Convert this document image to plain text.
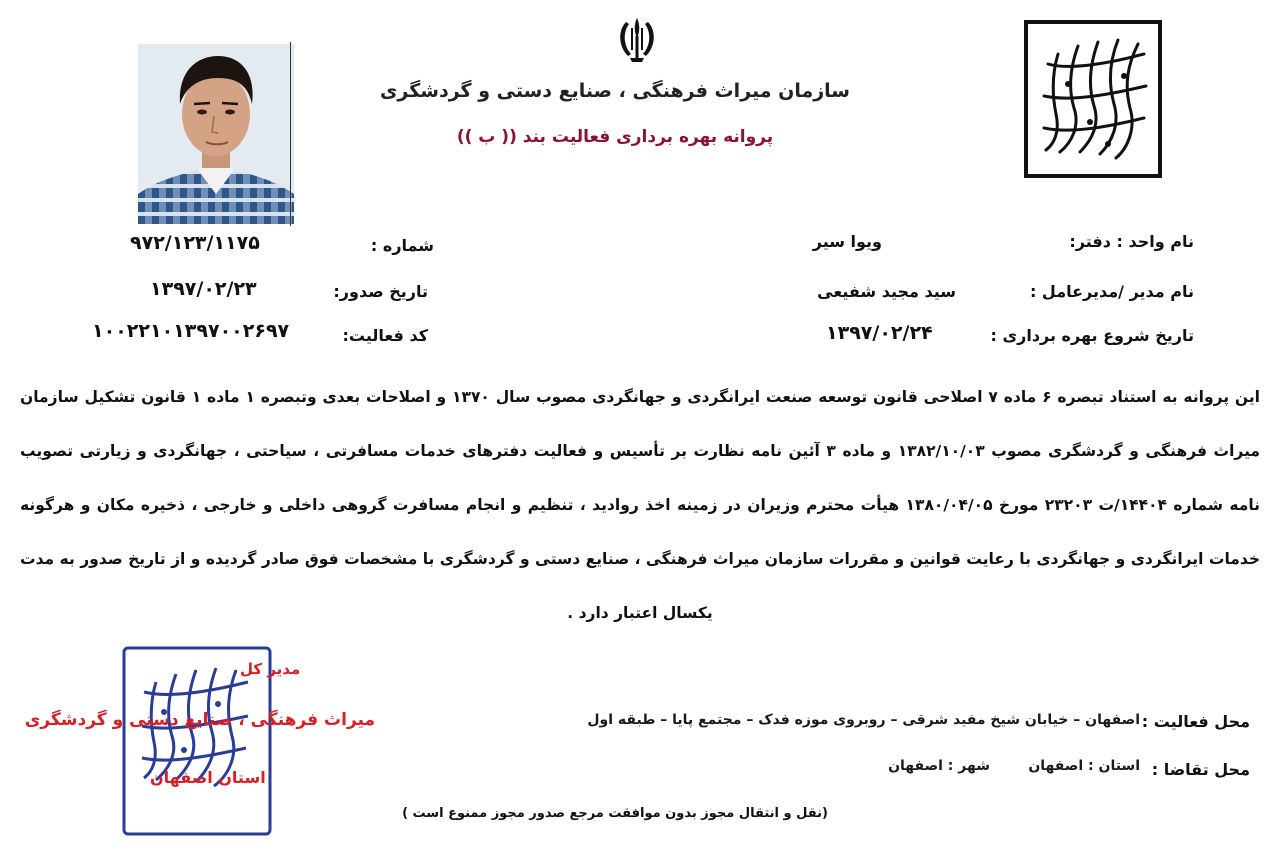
سازمان میراث فرهنگی ، صنایع دستی و گردشگری
پروانه بهره برداری فعالیت بند (( ب ))
نام واحد : دفتر:
ویوا سیر
نام مدیر /مدیرعامل :
سید مجید شفیعی
تاریخ شروع بهره برداری :
۱۳۹۷/۰۲/۲۴
شماره :
۹۷۲/۱۲۳/۱۱۷۵
تاریخ صدور:
۱۳۹۷/۰۲/۲۳
کد فعالیت:
۱۰۰۲۲۱۰۱۳۹۷۰۰۲۶۹۷
این پروانه به استناد تبصره ۶ ماده ۷ اصلاحی قانون توسعه صنعت ایرانگردی و جهانگردی مصوب سال ۱۳۷۰ و اصلاحات بعدی وتبصره ۱ ماده ۱ قانون تشکیل سازمان میراث فرهنگی و گردشگری مصوب ۱۳۸۲/۱۰/۰۳ و ماده ۳ آئین نامه نظارت بر تأسیس و فعالیت دفترهای خدمات مسافرتی ، سیاحتی ، جهانگردی و زیارتی تصویب نامه شماره ۱۴۴۰۴/ت ۲۳۲۰۳ مورخ ۱۳۸۰/۰۴/۰۵ هیأت محترم وزیران در زمینه اخذ روادید ، تنظیم و انجام مسافرت گروهی داخلی و خارجی ، ذخیره مکان و هرگونه خدمات ایرانگردی و جهانگردی با رعایت قوانین و مقررات سازمان میراث فرهنگی ، صنایع دستی و گردشگری با مشخصات فوق صادر گردیده و از تاریخ صدور به مدت یکسال اعتبار دارد .
محل فعالیت :
اصفهان – خیابان شیخ مفید شرقی – روبروی موزه فدک – مجتمع پایا – طبقه اول
محل تقاضا :
استان : اصفهان
شهر : اصفهان
مدیر کل
میراث فرهنگی ، صنایع دستی و گردشگری
استان اصفهان
(نقل و انتقال مجوز بدون موافقت مرجع صدور مجوز ممنوع است )
